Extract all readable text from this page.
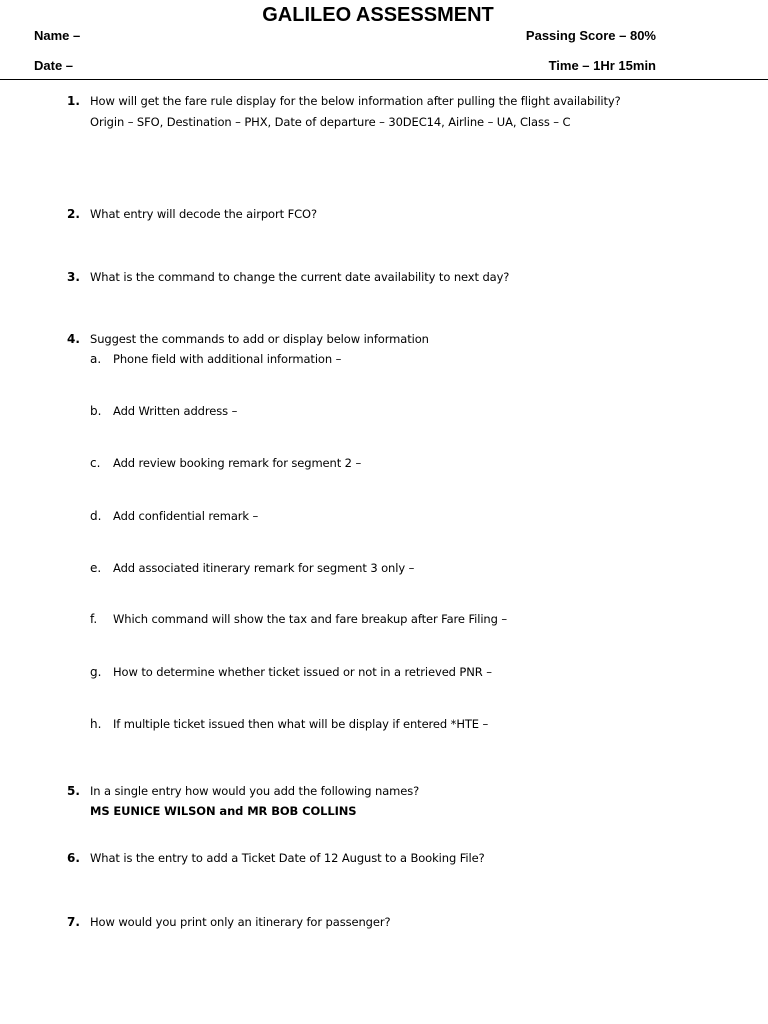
GALILEO ASSESSMENT
Name –	Passing Score – 80%
Date –	Time – 1Hr 15min
1. How will get the fare rule display for the below information after pulling the flight availability?
Origin – SFO, Destination – PHX, Date of departure – 30DEC14, Airline – UA, Class – C
2. What entry will decode the airport FCO?
3. What is the command to change the current date availability to next day?
4. Suggest the commands to add or display below information
a. Phone field with additional information –
b. Add Written address –
c. Add review booking remark for segment 2 –
d. Add confidential remark –
e. Add associated itinerary remark for segment 3 only –
f. Which command will show the tax and fare breakup after Fare Filing –
g. How to determine whether ticket issued or not in a retrieved PNR –
h. If multiple ticket issued then what will be display if entered *HTE –
5. In a single entry how would you add the following names?
MS EUNICE WILSON and MR BOB COLLINS
6. What is the entry to add a Ticket Date of 12 August to a Booking File?
7. How would you print only an itinerary for passenger?
